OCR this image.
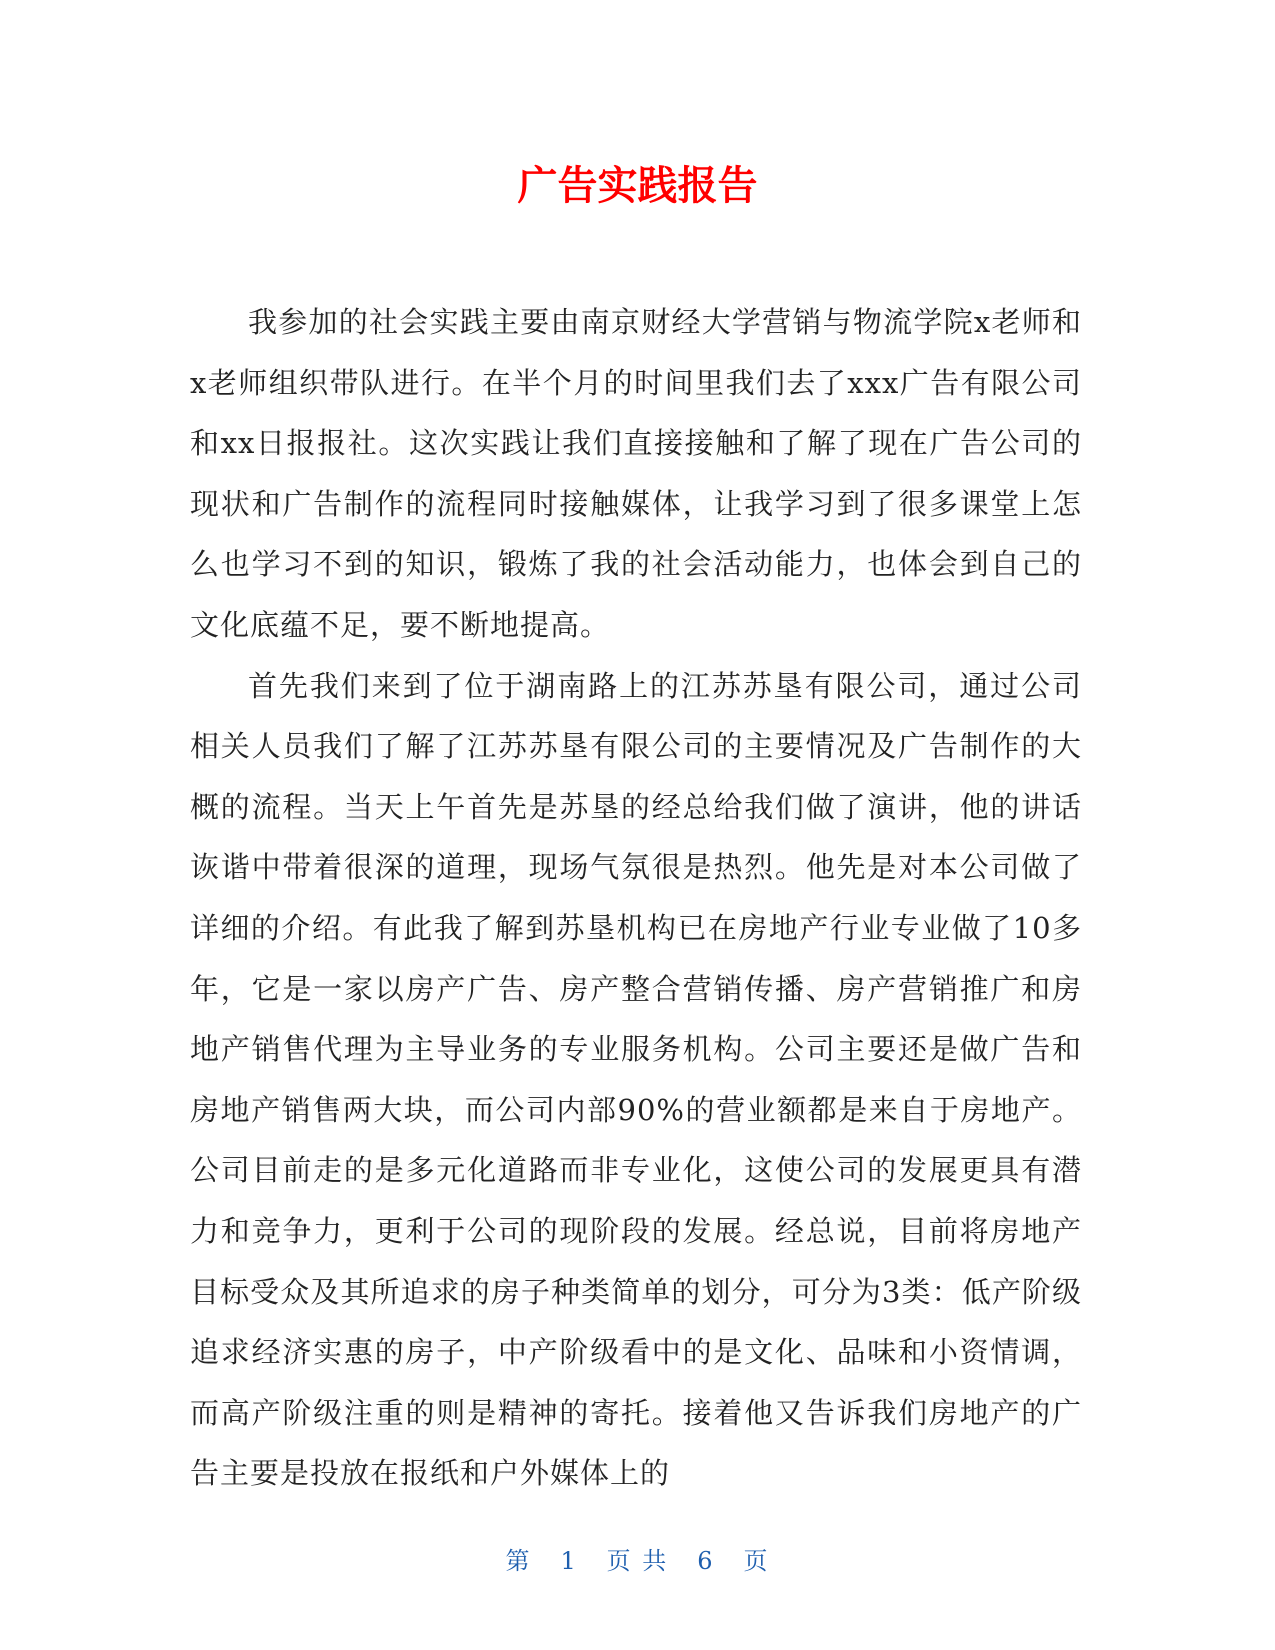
广告实践报告

我参加的社会实践主要由南京财经大学营销与物流学院x老师和x老师组织带队进行。在半个月的时间里我们去了xxx广告有限公司和xx日报报社。这次实践让我们直接接触和了解了现在广告公司的现状和广告制作的流程同时接触媒体，让我学习到了很多课堂上怎么也学习不到的知识，锻炼了我的社会活动能力，也体会到自己的文化底蕴不足，要不断地提高。

首先我们来到了位于湖南路上的江苏苏垦有限公司，通过公司相关人员我们了解了江苏苏垦有限公司的主要情况及广告制作的大概的流程。当天上午首先是苏垦的经总给我们做了演讲，他的讲话诙谐中带着很深的道理，现场气氛很是热烈。他先是对本公司做了详细的介绍。有此我了解到苏垦机构已在房地产行业专业做了10多年，它是一家以房产广告、房产整合营销传播、房产营销推广和房地产销售代理为主导业务的专业服务机构。公司主要还是做广告和房地产销售两大块，而公司内部90%的营业额都是来自于房地产。公司目前走的是多元化道路而非专业化，这使公司的发展更具有潜力和竞争力，更利于公司的现阶段的发展。经总说，目前将房地产目标受众及其所追求的房子种类简单的划分，可分为3类：低产阶级追求经济实惠的房子，中产阶级看中的是文化、品味和小资情调，而高产阶级注重的则是精神的寄托。接着他又告诉我们房地产的广告主要是投放在报纸和户外媒体上的

第 1 页 共 6 页
